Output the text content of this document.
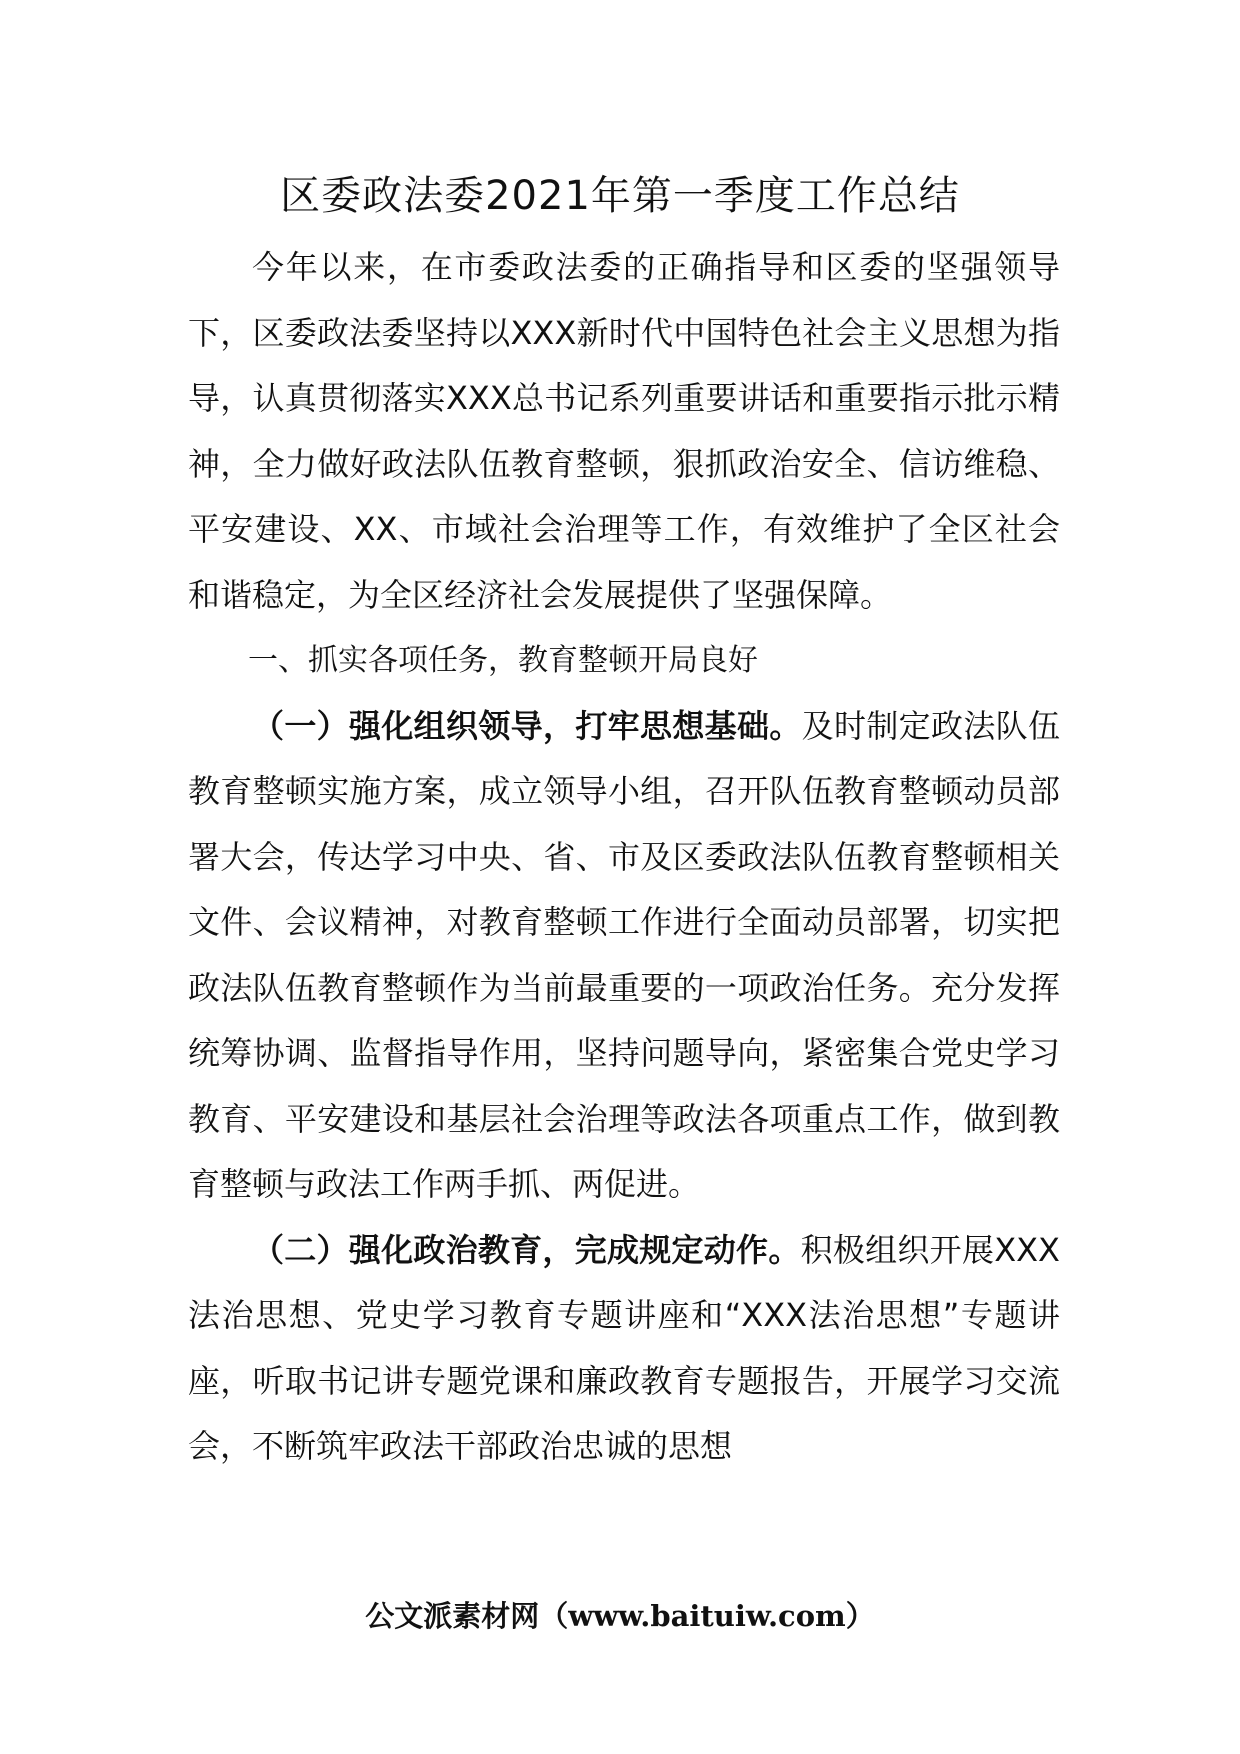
区委政法委2021年第一季度工作总结

今年以来，在市委政法委的正确指导和区委的坚强领导下，区委政法委坚持以XXX新时代中国特色社会主义思想为指导，认真贯彻落实XXX总书记系列重要讲话和重要指示批示精神，全力做好政法队伍教育整顿，狠抓政治安全、信访维稳、平安建设、XX、市域社会治理等工作，有效维护了全区社会和谐稳定，为全区经济社会发展提供了坚强保障。

一、抓实各项任务，教育整顿开局良好

（一）强化组织领导，打牢思想基础。及时制定政法队伍教育整顿实施方案，成立领导小组，召开队伍教育整顿动员部署大会，传达学习中央、省、市及区委政法队伍教育整顿相关文件、会议精神，对教育整顿工作进行全面动员部署，切实把政法队伍教育整顿作为当前最重要的一项政治任务。充分发挥统筹协调、监督指导作用，坚持问题导向，紧密集合党史学习教育、平安建设和基层社会治理等政法各项重点工作，做到教育整顿与政法工作两手抓、两促进。

（二）强化政治教育，完成规定动作。积极组织开展XXX法治思想、党史学习教育专题讲座和“XXX法治思想”专题讲座，听取书记讲专题党课和廉政教育专题报告，开展学习交流会，不断筑牢政法干部政治忠诚的思想

公文派素材网（www.baituiw.com）
